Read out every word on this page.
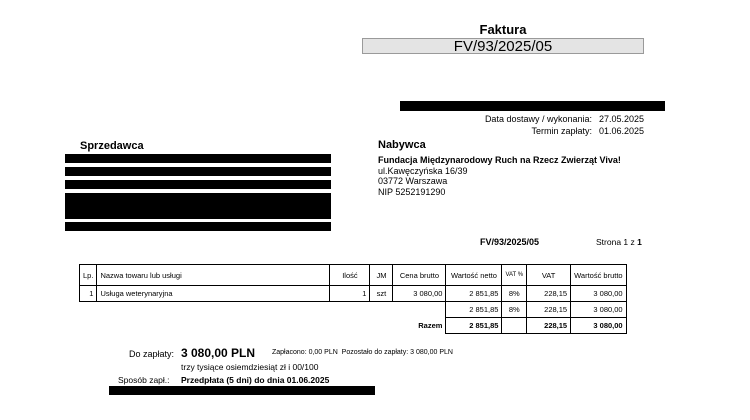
Faktura
FV/93/2025/05
Data dostawy / wykonania: 27.05.2025
Termin zapłaty: 01.06.2025
Sprzedawca	Nabywca
Fundacja Międzynarodowy Ruch na Rzecz Zwierząt Viva!
ul.Kawęczyńska 16/39
03772 Warszawa
NIP 5252191290
FV/93/2025/05	Strona 1 z 1
Lp.	Nazwa towaru lub usługi	Ilość	JM	Cena brutto	Wartość netto	VAT %	VAT	Wartość brutto
1	Usługa weterynaryjna	1	szt	3 080,00	2 851,85	8%	228,15	3 080,00
					2 851,85	8%	228,15	3 080,00
Razem					2 851,85		228,15	3 080,00
Do zapłaty: 3 080,00 PLN Zapłacono: 0,00 PLN Pozostało do zapłaty: 3 080,00 PLN
trzy tysiące osiemdziesiąt zł i 00/100
Sposób zapł.: Przedpłata (5 dni) do dnia 01.06.2025
